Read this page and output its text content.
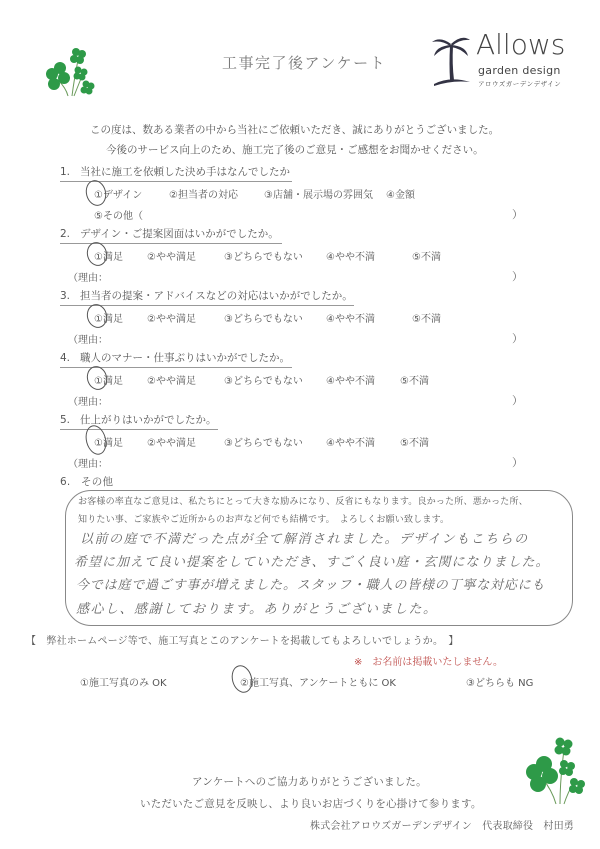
工事完了後アンケート
Allows
garden design
アロウズガーデンデザイン
この度は、数ある業者の中から当社にご依頼いただき、誠にありがとうございました。
今後のサービス向上のため、施工完了後のご意見・ご感想をお聞かせください。
1. 当社に施工を依頼した決め手はなんでしたか
①デザイン	②担当者の対応	③店舗・展示場の雰囲気 ④金額
⑤その他（	）
2. デザイン・ご提案図面はいかがでしたか。
①満足 ②やや満足	③どちらでもない ④やや不満	⑤不満
（理由：	）
3. 担当者の提案・アドバイスなどの対応はいかがでしたか。
①満足 ②やや満足	③どちらでもない ④やや不満	⑤不満
（理由：	）
4. 職人のマナー・仕事ぶりはいかがでしたか。
①満足 ②やや満足	③どちらでもない ④やや不満	⑤不満
（理由：	）
5. 仕上がりはいかがでしたか。
①満足 ②やや満足	③どちらでもない ④やや不満	⑤不満
（理由：	）
6. その他
お客様の率直なご意見は、私たちにとって大きな励みになり、反省にもなります。良かった所、悪かった所、
知りたい事、ご家族やご近所からのお声など何でも結構です。　よろしくお願い致します。
以前の庭で不満だった点が全て解消されました。デザインもこちらの
希望に加えて良い提案をしていただき、すごく良い庭・玄関になりました。
今では庭で過ごす事が増えました。スタッフ・職人の皆様の丁寧な対応にも
感心し、感謝しております。ありがとうございました。
【　弊社ホームページ等で、施工写真とこのアンケートを掲載してもよろしいでしょうか。　】
※　お名前は掲載いたしません。
①施工写真のみ OK	②施工写真、アンケートともに OK	③どちらも NG
アンケートへのご協力ありがとうございました。
いただいたご意見を反映し、より良いお店づくりを心掛けて参ります。
株式会社アロウズガーデンデザイン　代表取締役　村田勇
